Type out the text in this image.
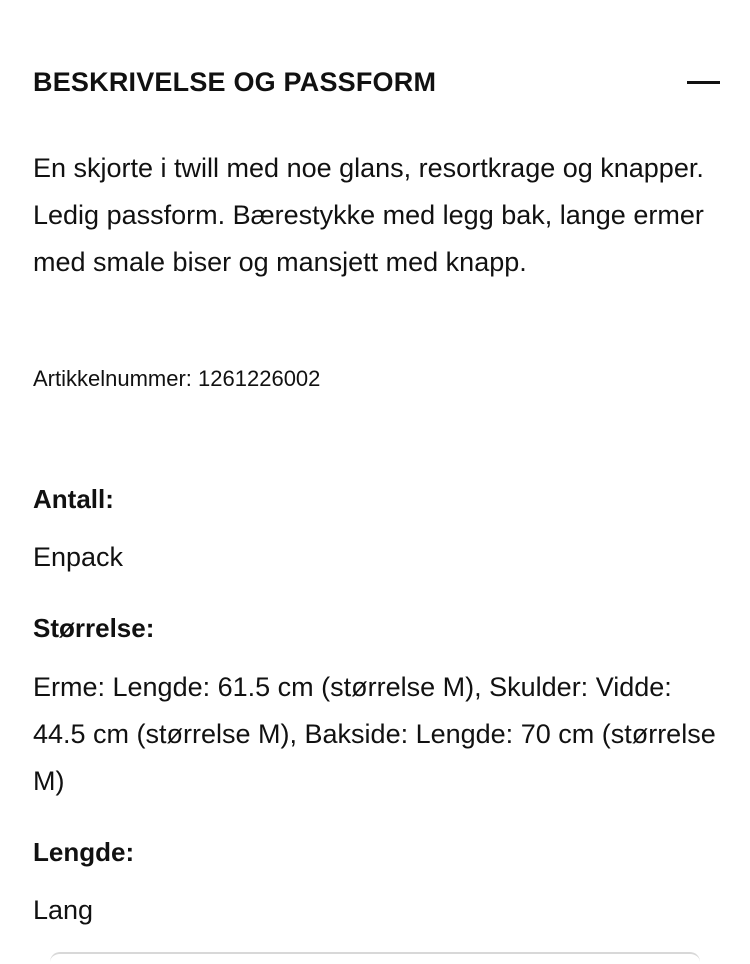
BESKRIVELSE OG PASSFORM
En skjorte i twill med noe glans, resortkrage og knapper. Ledig passform. Bærestykke med legg bak, lange ermer med smale biser og mansjett med knapp.
Artikkelnummer: 1261226002
Antall:
Enpack
Størrelse:
Erme: Lengde: 61.5 cm (størrelse M), Skulder: Vidde: 44.5 cm (størrelse M), Bakside: Lengde: 70 cm (størrelse M)
Lengde:
Lang
